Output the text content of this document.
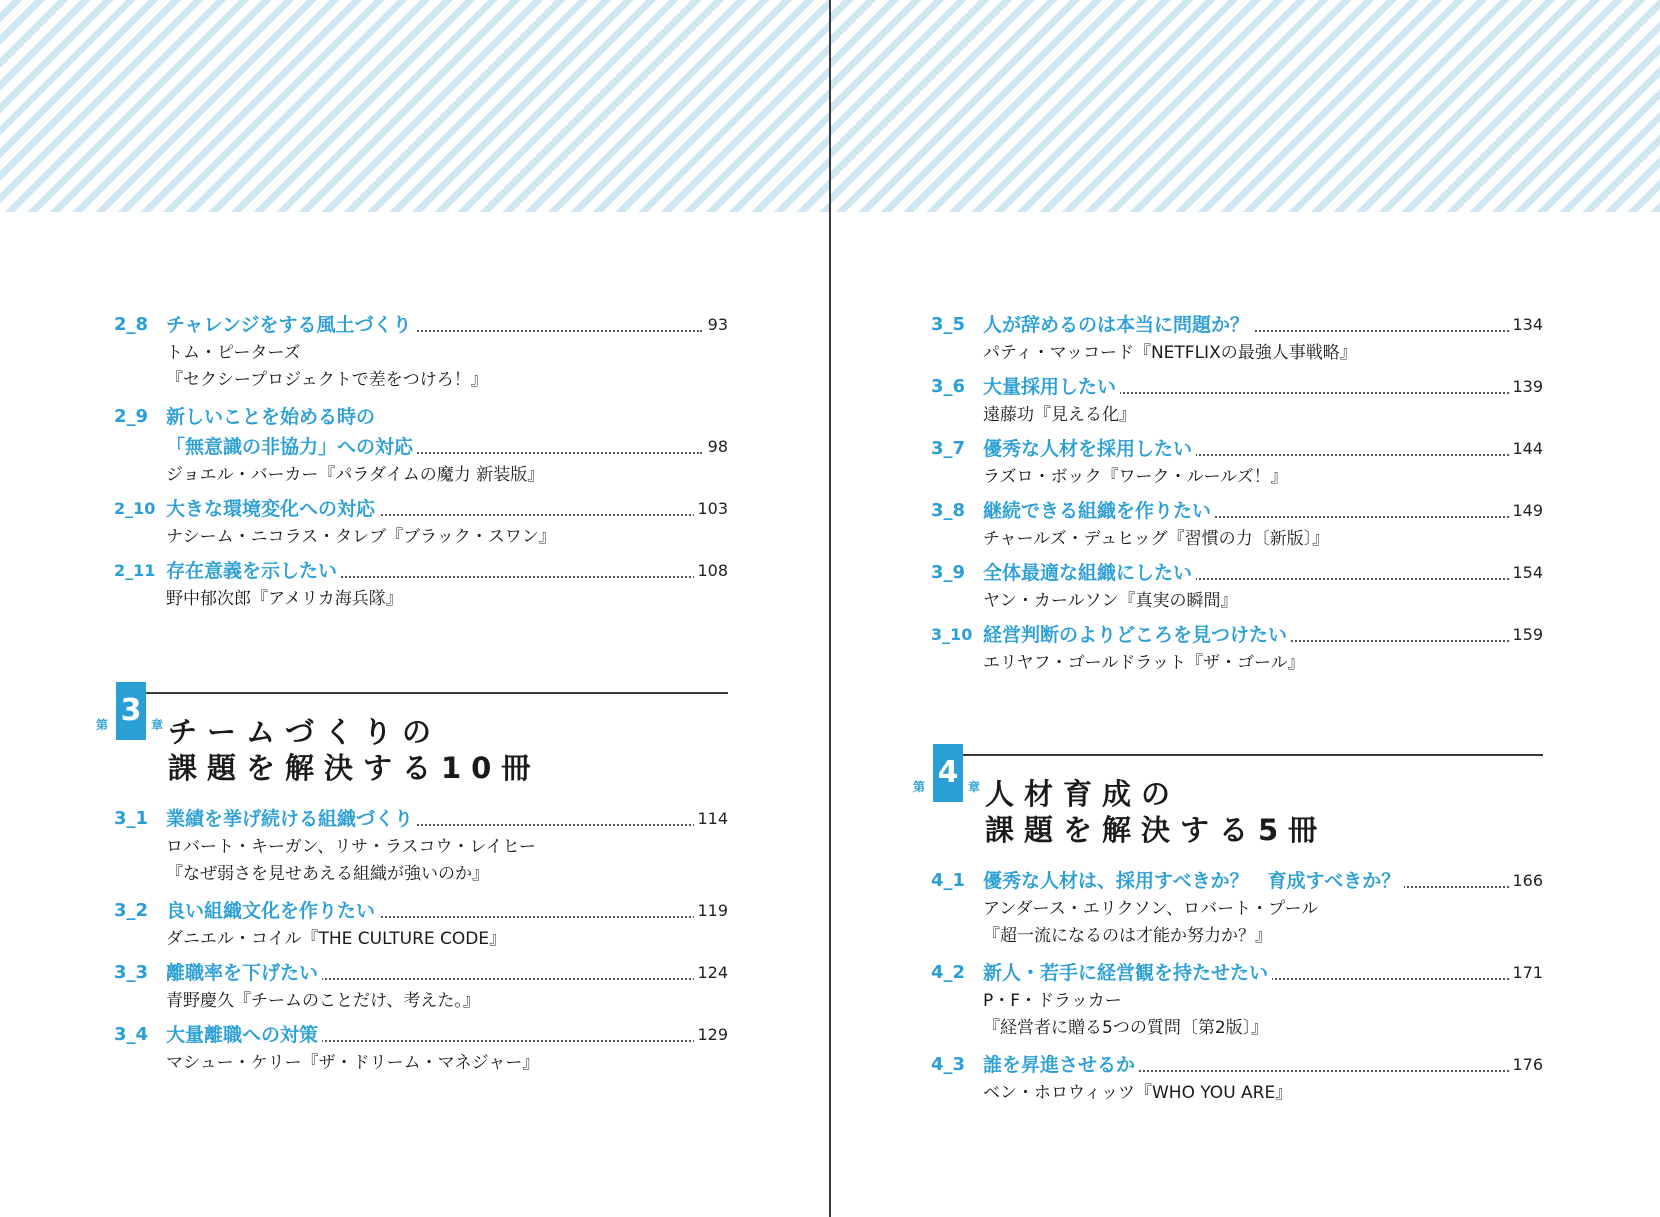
2_8 チャレンジをする風土づくり	93
トム・ピーターズ
『セクシープロジェクトで差をつけろ！』
2_9 新しいことを始める時の
「無意識の非協力」への対応	98
ジョエル・バーカー『パラダイムの魔力 新装版』
2_10 大きな環境変化への対応	103
ナシーム・ニコラス・タレブ『ブラック・スワン』
2_11 存在意義を示したい	108
野中郁次郎『アメリカ海兵隊』
3
第	章 チームづくりの
課題を解決する10冊
3_1 業績を挙げ続ける組織づくり	114
ロバート・キーガン、リサ・ラスコウ・レイヒー
『なぜ弱さを見せあえる組織が強いのか』
3_2 良い組織文化を作りたい	119
ダニエル・コイル『THE CULTURE CODE』
3_3 離職率を下げたい	124
青野慶久『チームのことだけ、考えた。』
3_4 大量離職への対策	129
マシュー・ケリー『ザ・ドリーム・マネジャー』
3_5 人が辞めるのは本当に問題か？	134
パティ・マッコード『NETFLIXの最強人事戦略』
3_6 大量採用したい	139
遠藤功『見える化』
3_7 優秀な人材を採用したい	144
ラズロ・ボック『ワーク・ルールズ！』
3_8 継続できる組織を作りたい	149
チャールズ・デュヒッグ『習慣の力〔新版〕』
3_9 全体最適な組織にしたい	154
ヤン・カールソン『真実の瞬間』
3_10 経営判断のよりどころを見つけたい	159
エリヤフ・ゴールドラット『ザ・ゴール』
4
第	章 人材育成の
課題を解決する5冊
4_1 優秀な人材は、採用すべきか？　育成すべきか？	166
アンダース・エリクソン、ロバート・プール
『超一流になるのは才能か努力か？』
4_2 新人・若手に経営観を持たせたい	171
P・F・ドラッカー
『経営者に贈る5つの質問〔第2版〕』
4_3 誰を昇進させるか	176
ベン・ホロウィッツ『WHO YOU ARE』
